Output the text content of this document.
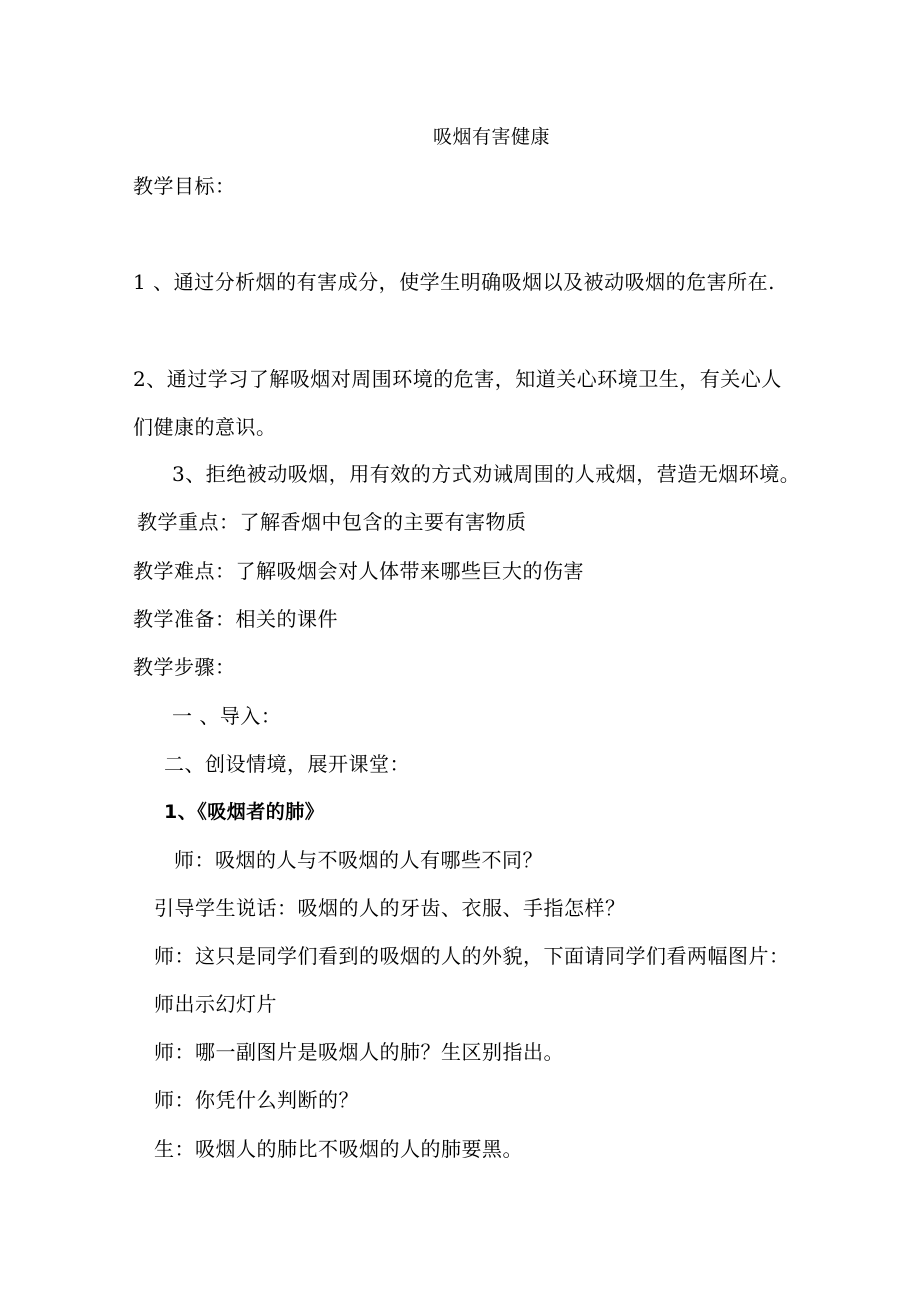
吸烟有害健康
教学目标：
1 、通过分析烟的有害成分，使学生明确吸烟以及被动吸烟的危害所在.
2、通过学习了解吸烟对周围环境的危害，知道关心环境卫生，有关心人
们健康的意识。
3、拒绝被动吸烟，用有效的方式劝诫周围的人戒烟，营造无烟环境。
教学重点：了解香烟中包含的主要有害物质
教学难点：了解吸烟会对人体带来哪些巨大的伤害
教学准备：相关的课件
教学步骤：
一 、导入：
二、创设情境，展开课堂：
1、《吸烟者的肺》
师：吸烟的人与不吸烟的人有哪些不同？
引导学生说话：吸烟的人的牙齿、衣服、手指怎样？
师：这只是同学们看到的吸烟的人的外貌，下面请同学们看两幅图片：
师出示幻灯片
师：哪一副图片是吸烟人的肺？生区别指出。
师：你凭什么判断的？
生：吸烟人的肺比不吸烟的人的肺要黑。
